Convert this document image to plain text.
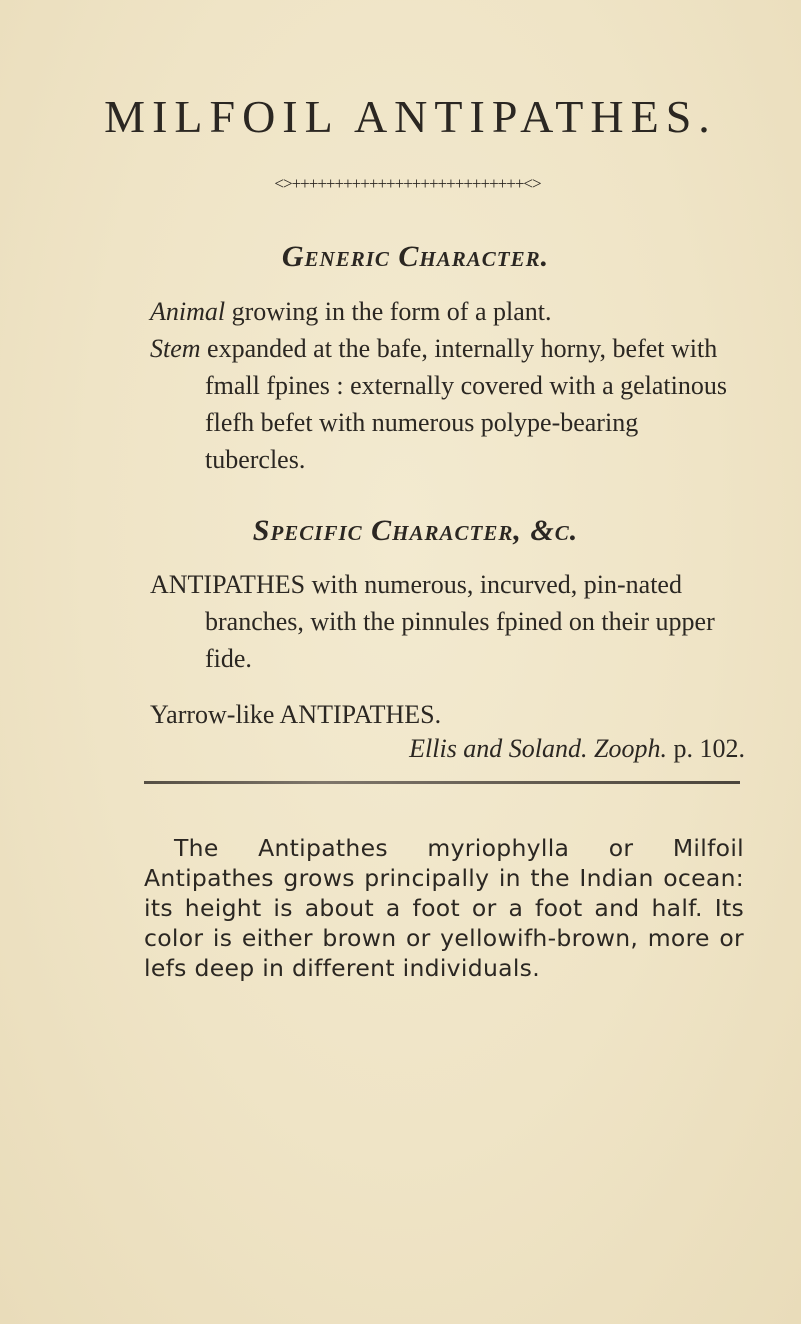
MILFOIL ANTIPATHES.
<>+++++++++++++++++++++++++++<>
Generic Character.

Animal growing in the form of a plant.

Stem expanded at the bafe, internally horny, befet with fmall fpines : externally covered with a gelatinous flefh befet with numerous polype-bearing tubercles.

Specific Character, &c.

ANTIPATHES with numerous, incurved, pin-nated branches, with the pinnules fpined on their upper fide.

Yarrow-like ANTIPATHES.

Ellis and Soland. Zooph. p. 102.

The Antipathes myriophylla or Milfoil Antipathes grows principally in the Indian ocean: its height is about a foot or a foot and half. Its color is either brown or yellowifh-brown, more or lefs deep in different individuals.
